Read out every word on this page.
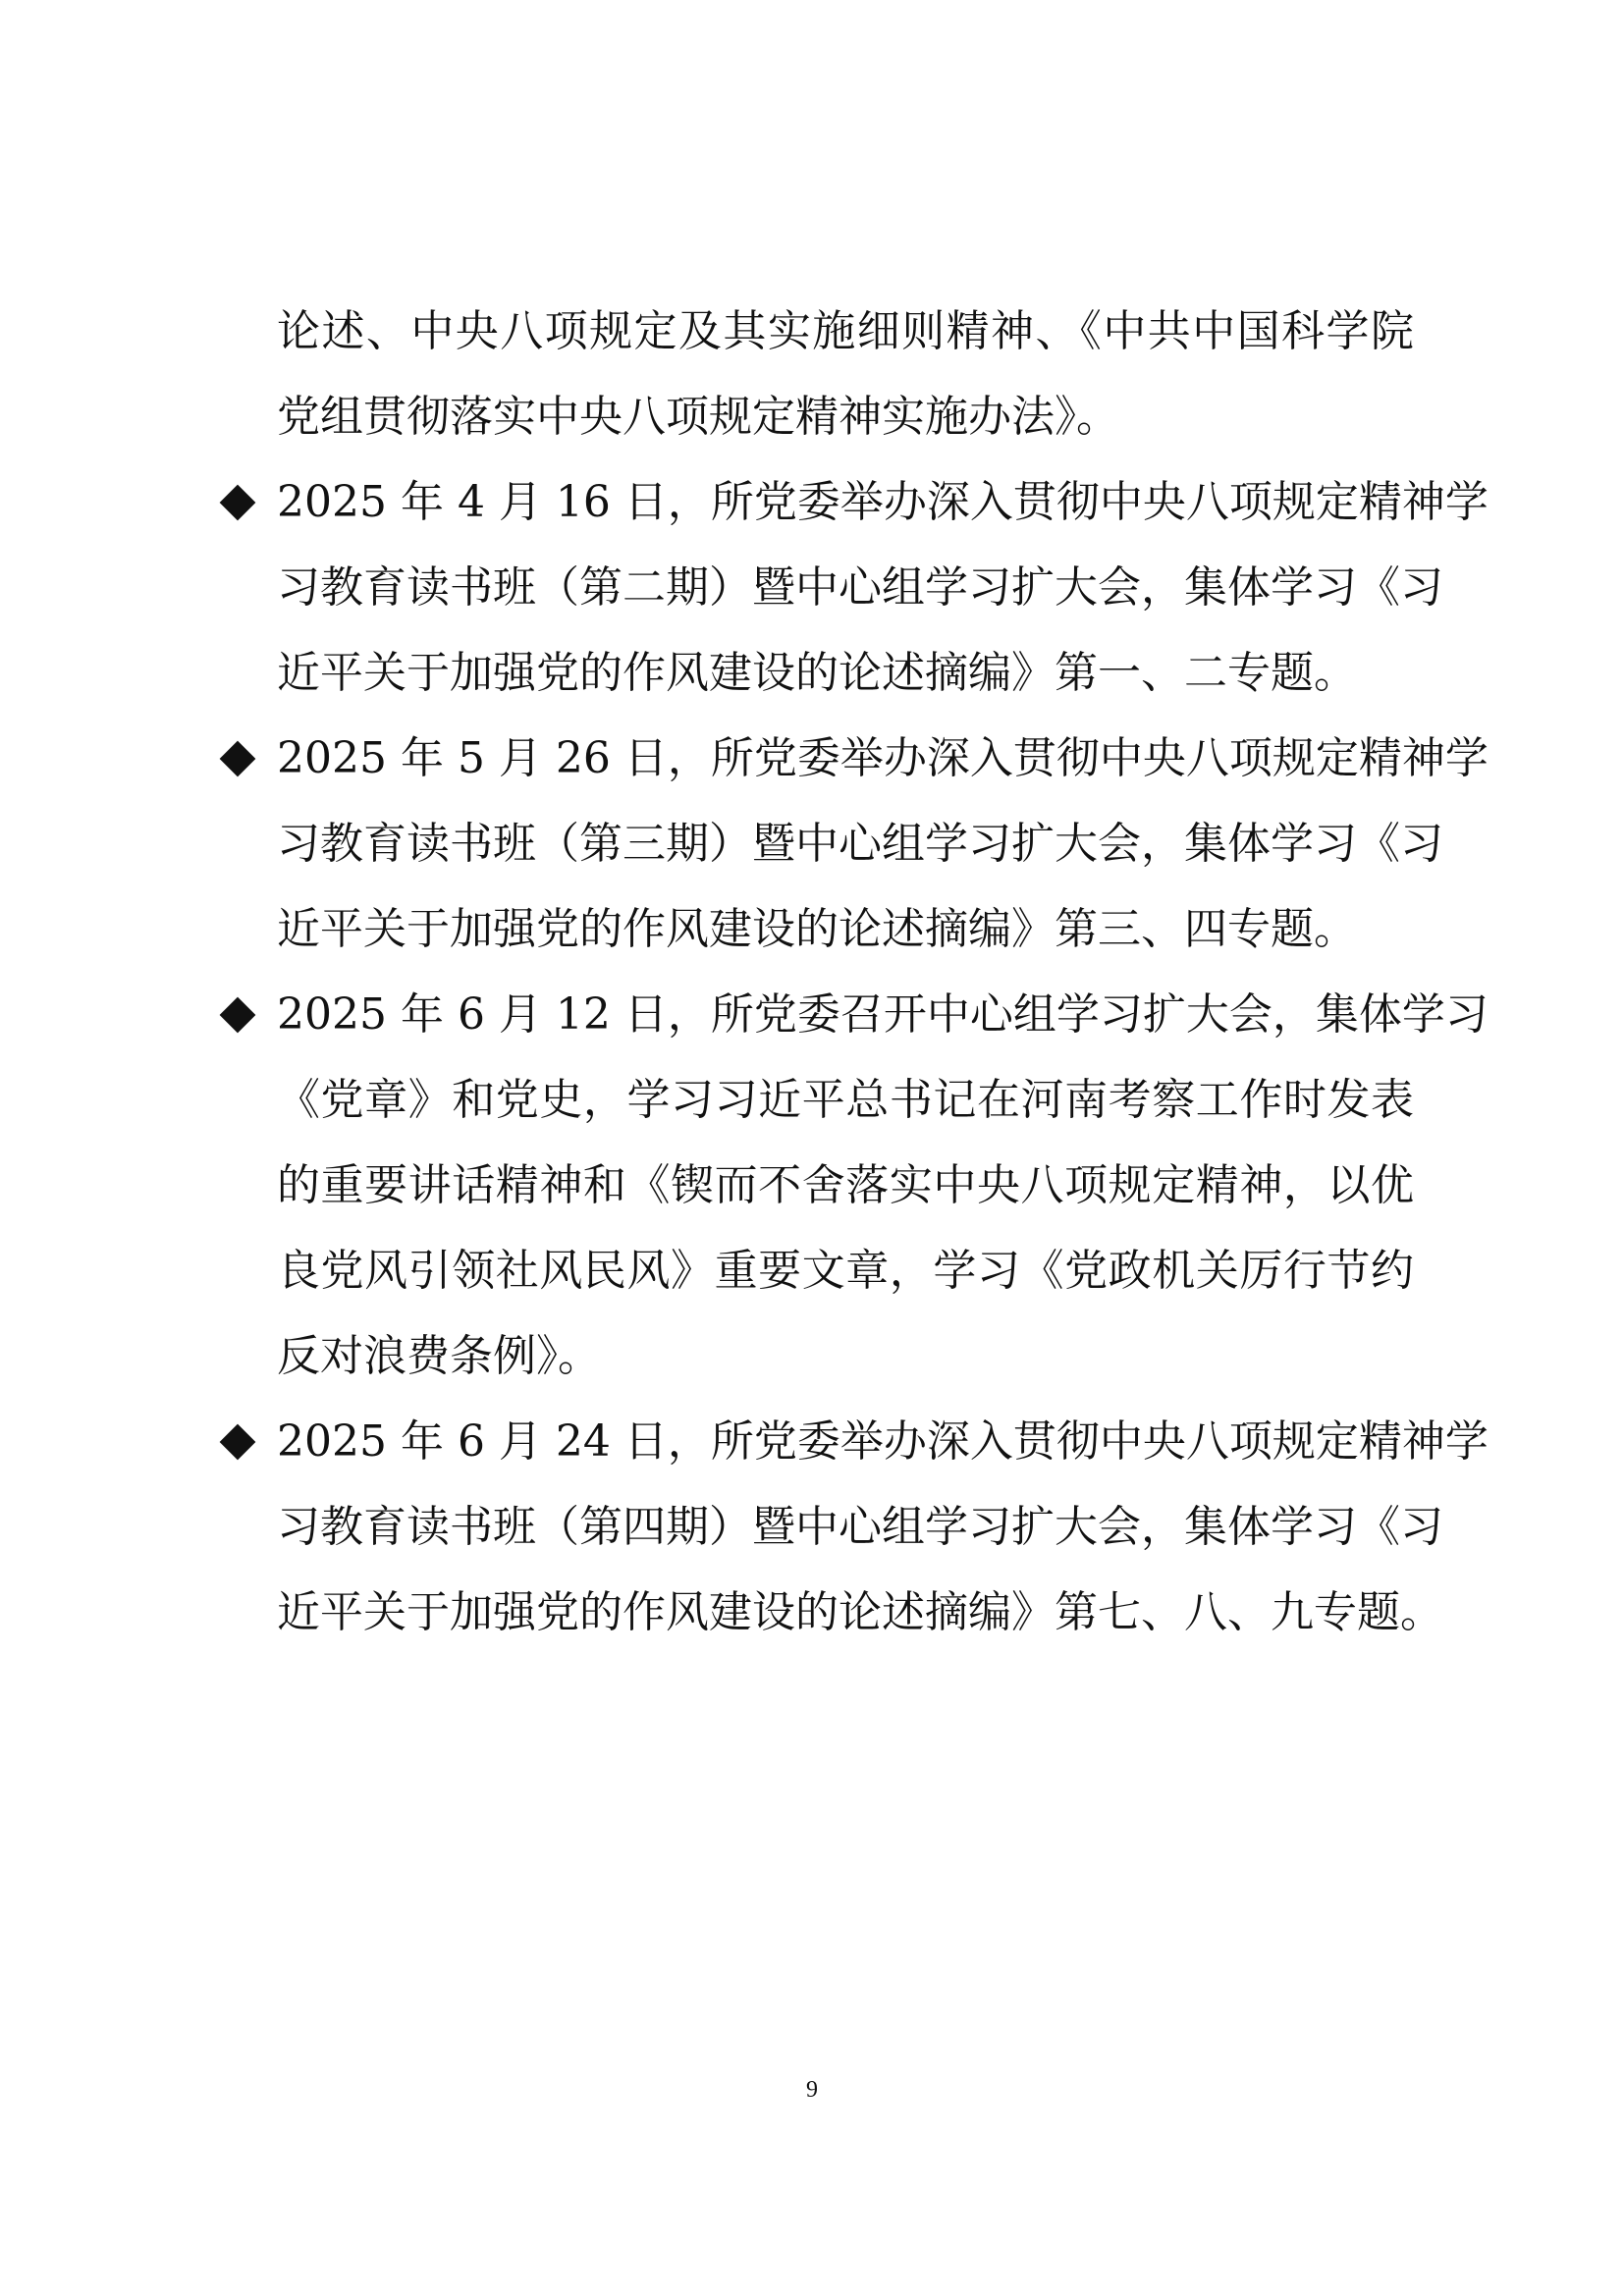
论述、中央八项规定及其实施细则精神、《中共中国科学院
党组贯彻落实中央八项规定精神实施办法》。
2025 年 4 月 16 日，所党委举办深入贯彻中央八项规定精神学
习教育读书班（第二期）暨中心组学习扩大会，集体学习《习
近平关于加强党的作风建设的论述摘编》第一、二专题。
2025 年 5 月 26 日，所党委举办深入贯彻中央八项规定精神学
习教育读书班（第三期）暨中心组学习扩大会，集体学习《习
近平关于加强党的作风建设的论述摘编》第三、四专题。
2025 年 6 月 12 日，所党委召开中心组学习扩大会，集体学习
《党章》和党史，学习习近平总书记在河南考察工作时发表
的重要讲话精神和《锲而不舍落实中央八项规定精神，以优
良党风引领社风民风》重要文章，学习《党政机关厉行节约
反对浪费条例》。
2025 年 6 月 24 日，所党委举办深入贯彻中央八项规定精神学
习教育读书班（第四期）暨中心组学习扩大会，集体学习《习
近平关于加强党的作风建设的论述摘编》第七、八、九专题。
9
